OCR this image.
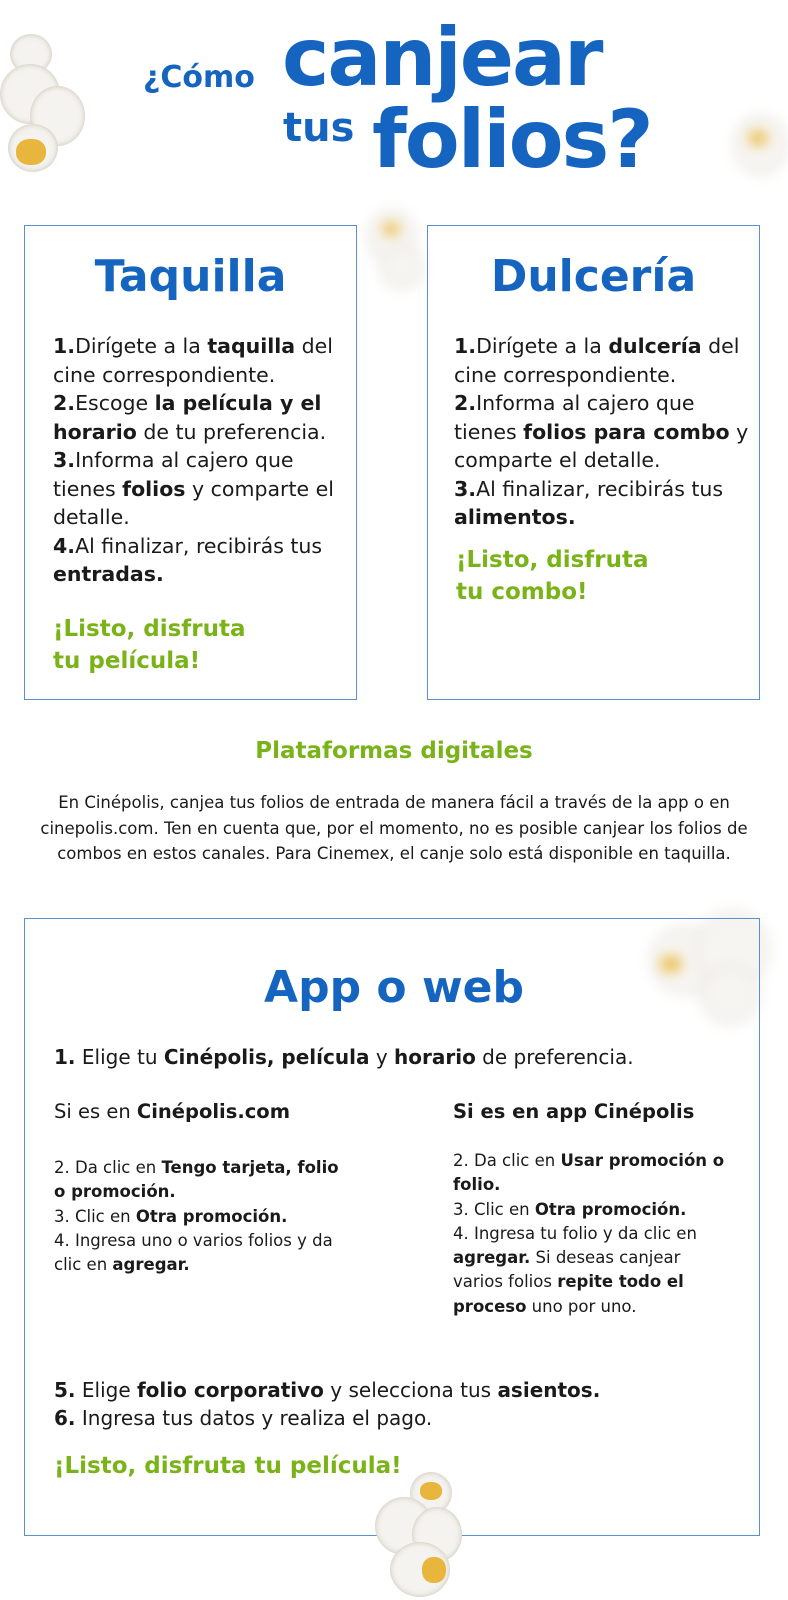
¿Cómo canjear
tus folios?
Taquilla
1.Dirígete a la taquilla del cine correspondiente.
2.Escoge la película y el horario de tu preferencia.
3.Informa al cajero que tienes folios y comparte el detalle.
4.Al finalizar, recibirás tus entradas.
¡Listo, disfruta
tu película!
Dulcería
1.Dirígete a la dulcería del cine correspondiente.
2.Informa al cajero que tienes folios para combo y comparte el detalle.
3.Al finalizar, recibirás tus alimentos.
¡Listo, disfruta
tu combo!
Plataformas digitales
En Cinépolis, canjea tus folios de entrada de manera fácil a través de la app o en cinepolis.com. Ten en cuenta que, por el momento, no es posible canjear los folios de combos en estos canales. Para Cinemex, el canje solo está disponible en taquilla.
App o web
1. Elige tu Cinépolis, película y horario de preferencia.
Si es en Cinépolis.com
2. Da clic en Tengo tarjeta, folio o promoción.
3. Clic en Otra promoción.
4. Ingresa uno o varios folios y da clic en agregar.
Si es en app Cinépolis
2. Da clic en Usar promoción o folio.
3. Clic en Otra promoción.
4. Ingresa tu folio y da clic en agregar. Si deseas canjear varios folios repite todo el proceso uno por uno.
5. Elige folio corporativo y selecciona tus asientos.
6. Ingresa tus datos y realiza el pago.
¡Listo, disfruta tu película!
